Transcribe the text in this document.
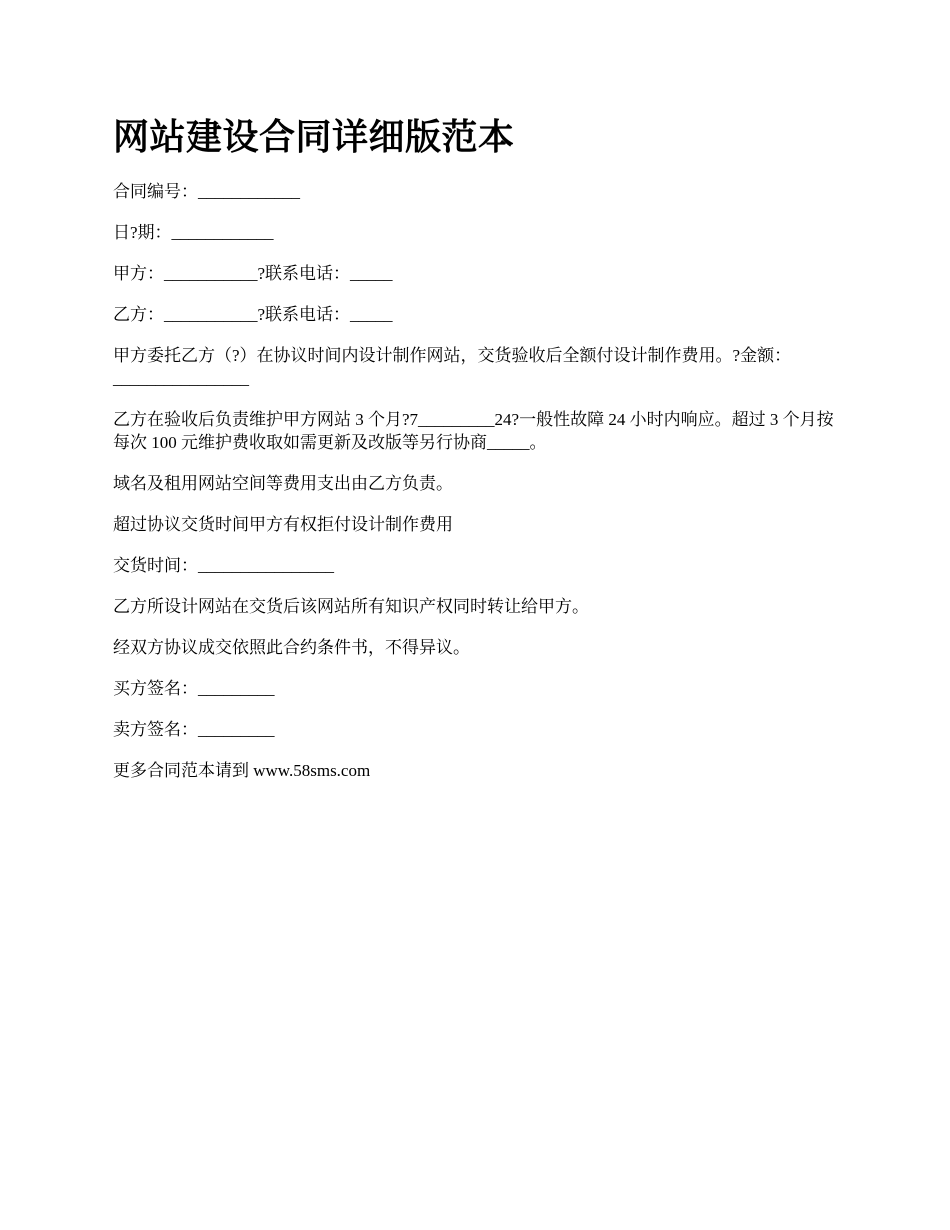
网站建设合同详细版范本

合同编号：____________

日?期：____________

甲方：___________?联系电话：_____

乙方：___________?联系电话：_____

甲方委托乙方（?）在协议时间内设计制作网站，交货验收后全额付设计制作费用。?金额：________________

乙方在验收后负责维护甲方网站 3 个月?7_________24?一般性故障 24 小时内响应。超过 3 个月按每次 100 元维护费收取如需更新及改版等另行协商_____。

域名及租用网站空间等费用支出由乙方负责。

超过协议交货时间甲方有权拒付设计制作费用

交货时间：________________

乙方所设计网站在交货后该网站所有知识产权同时转让给甲方。

经双方协议成交依照此合约条件书，不得异议。

买方签名：_________

卖方签名：_________

更多合同范本请到 www.58sms.com
